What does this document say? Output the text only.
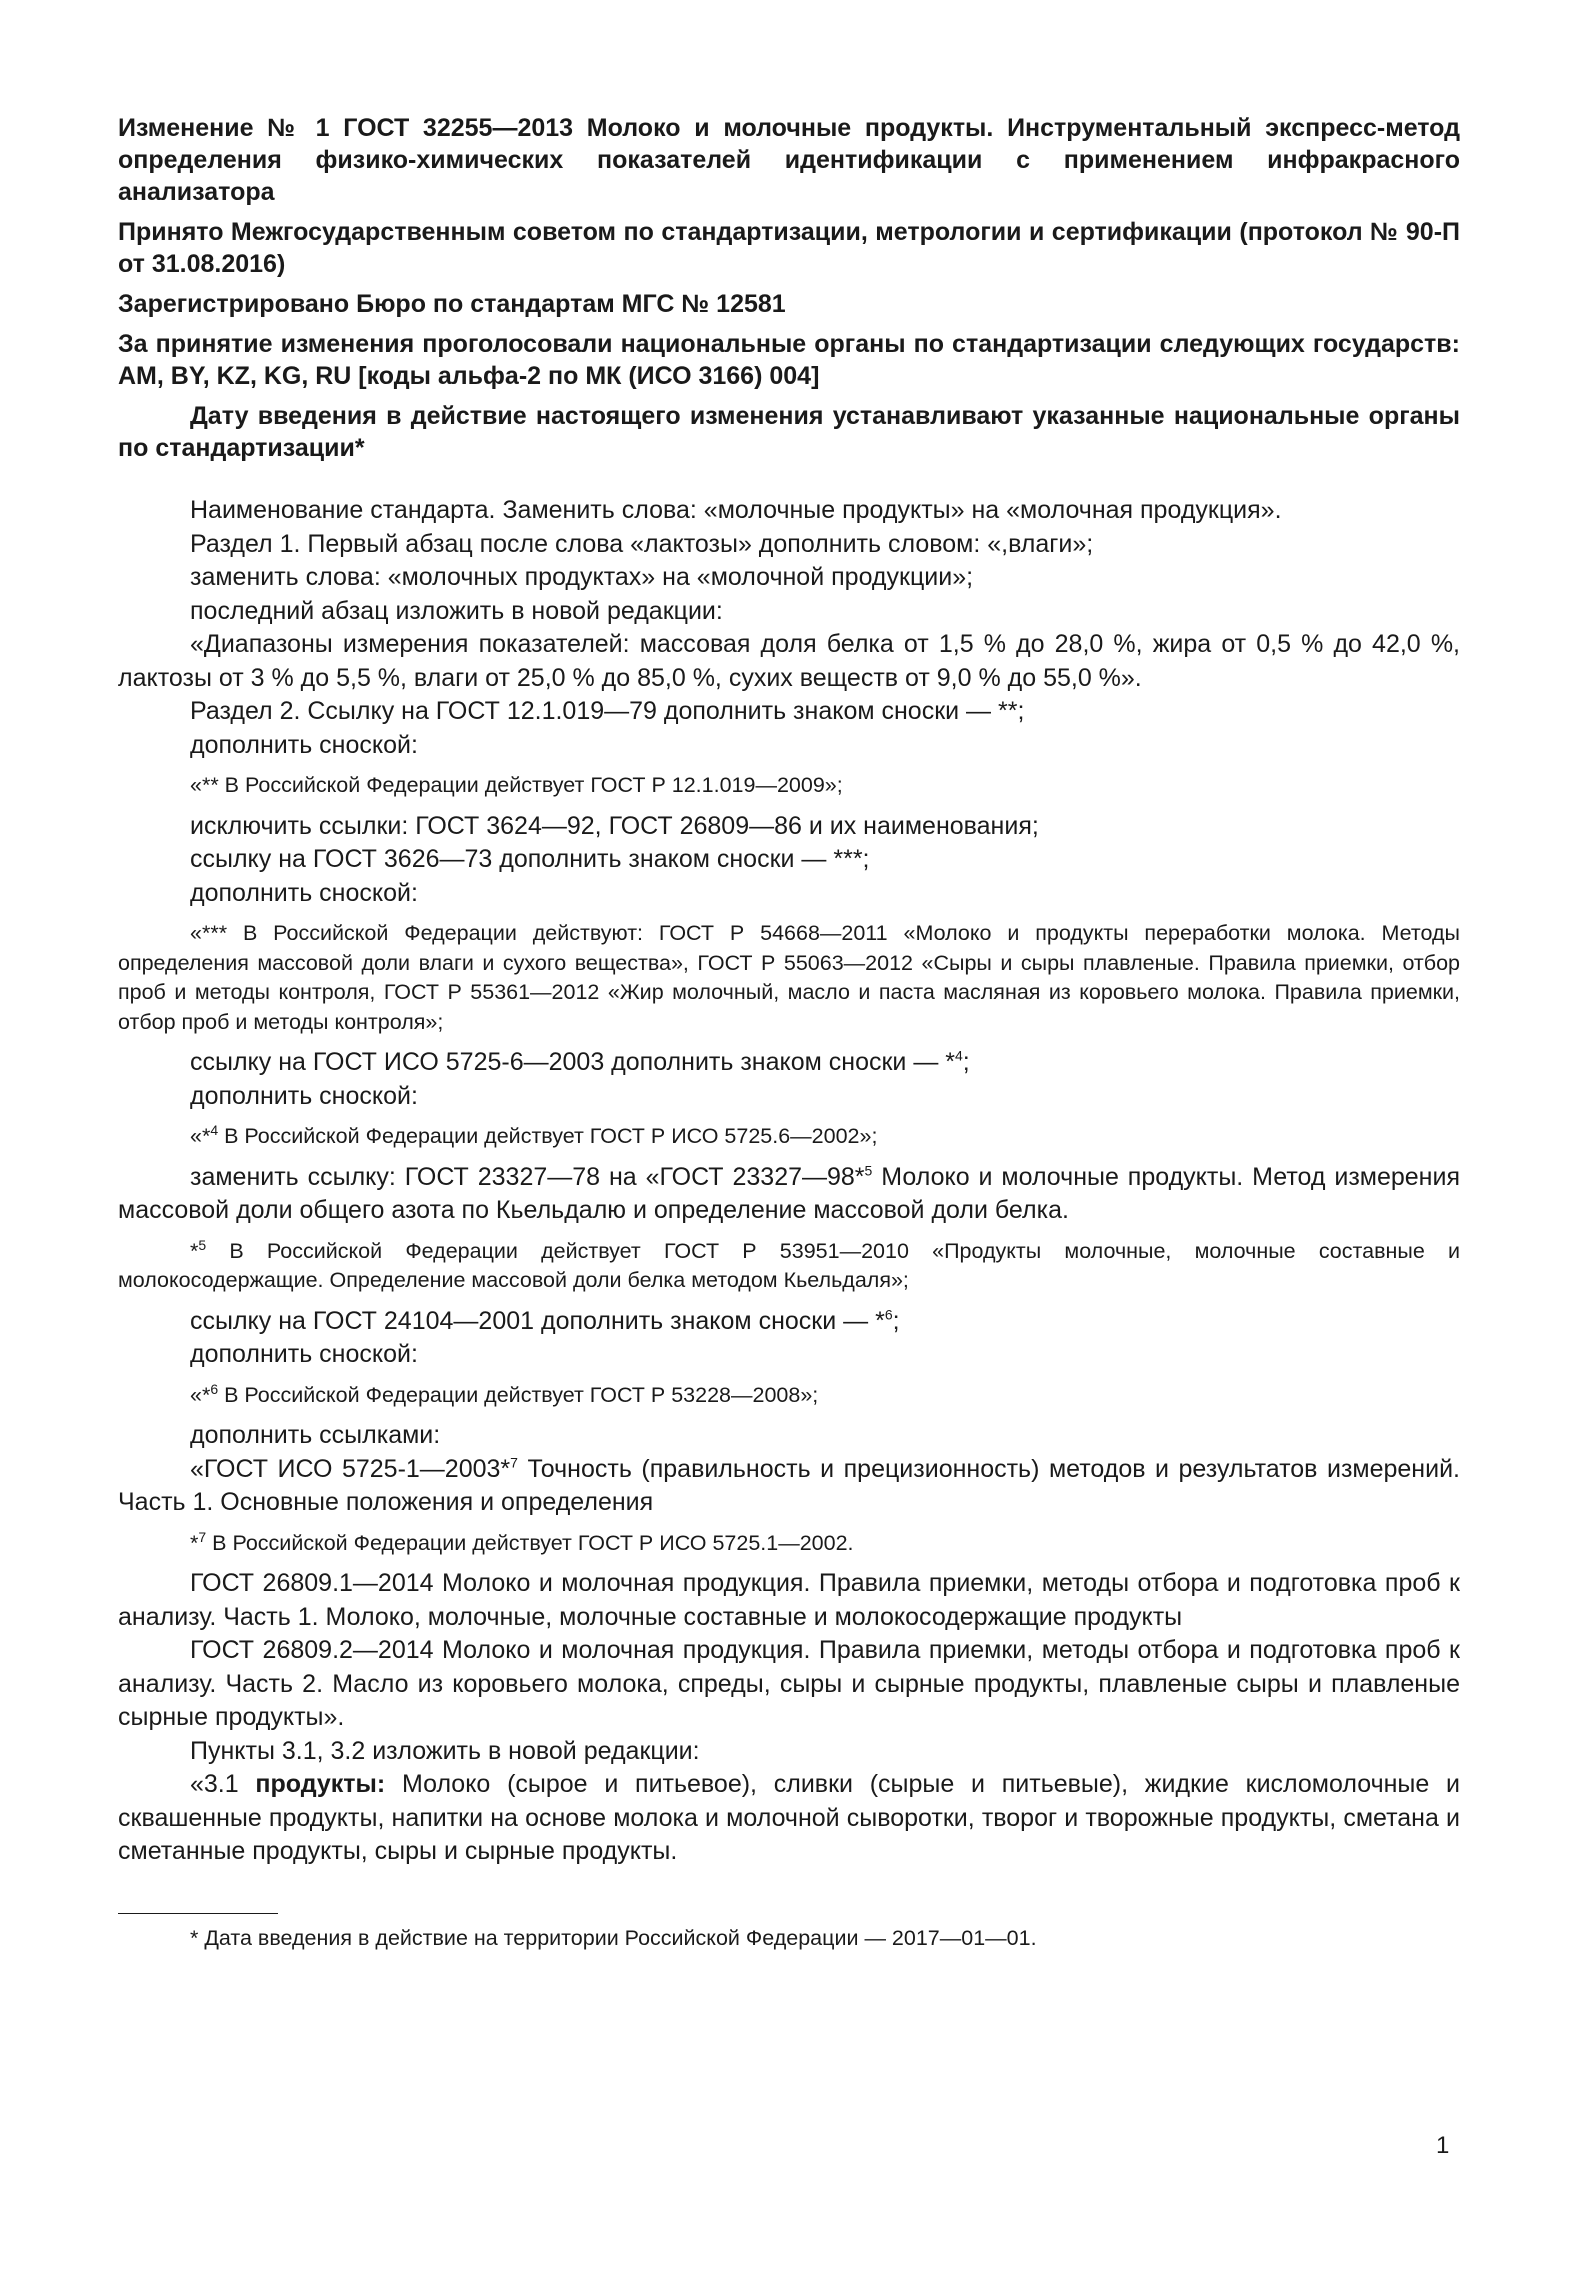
Изменение № 1 ГОСТ 32255—2013 Молоко и молочные продукты. Инструментальный экспресс-метод определения физико-химических показателей идентификации с применением инфракрасного анализатора

Принято Межгосударственным советом по стандартизации, метрологии и сертификации (протокол № 90-П от 31.08.2016)

Зарегистрировано Бюро по стандартам МГС № 12581

За принятие изменения проголосовали национальные органы по стандартизации следующих государств: AM, BY, KZ, KG, RU [коды альфа-2 по МК (ИСО 3166) 004]

Дату введения в действие настоящего изменения устанавливают указанные национальные органы по стандартизации*

Наименование стандарта. Заменить слова: «молочные продукты» на «молочная продукция».

Раздел 1. Первый абзац после слова «лактозы» дополнить словом: «,влаги»;

заменить слова: «молочных продуктах» на «молочной продукции»;

последний абзац изложить в новой редакции:

«Диапазоны измерения показателей: массовая доля белка от 1,5 % до 28,0 %, жира от 0,5 % до 42,0 %, лактозы от 3 % до 5,5 %, влаги от 25,0 % до 85,0 %, сухих веществ от 9,0 % до 55,0 %».

Раздел 2. Ссылку на ГОСТ 12.1.019—79 дополнить знаком сноски — **;

дополнить сноской:

«** В Российской Федерации действует ГОСТ Р 12.1.019—2009»;

исключить ссылки: ГОСТ 3624—92, ГОСТ 26809—86 и их наименования;

ссылку на ГОСТ 3626—73 дополнить знаком сноски — ***;

дополнить сноской:

«*** В Российской Федерации действуют: ГОСТ Р 54668—2011 «Молоко и продукты переработки молока. Методы определения массовой доли влаги и сухого вещества», ГОСТ Р 55063—2012 «Сыры и сыры плавленые. Правила приемки, отбор проб и методы контроля, ГОСТ Р 55361—2012 «Жир молочный, масло и паста масляная из коровьего молока. Правила приемки, отбор проб и методы контроля»;

ссылку на ГОСТ ИСО 5725-6—2003 дополнить знаком сноски — *$^4$;

дополнить сноской:

«*$^4$ В Российской Федерации действует ГОСТ Р ИСО 5725.6—2002»;

заменить ссылку: ГОСТ 23327—78 на «ГОСТ 23327—98*$^5$ Молоко и молочные продукты. Метод измерения массовой доли общего азота по Кьельдалю и определение массовой доли белка.

*$^5$ В Российской Федерации действует ГОСТ Р 53951—2010 «Продукты молочные, молочные составные и молокосодержащие. Определение массовой доли белка методом Кьельдаля»;

ссылку на ГОСТ 24104—2001 дополнить знаком сноски — *$^6$;

дополнить сноской:

«*$^6$ В Российской Федерации действует ГОСТ Р 53228—2008»;

дополнить ссылками:

«ГОСТ ИСО 5725-1—2003*$^7$ Точность (правильность и прецизионность) методов и результатов измерений. Часть 1. Основные положения и определения

*$^7$ В Российской Федерации действует ГОСТ Р ИСО 5725.1—2002.

ГОСТ 26809.1—2014 Молоко и молочная продукция. Правила приемки, методы отбора и подготовка проб к анализу. Часть 1. Молоко, молочные, молочные составные и молокосодержащие продукты

ГОСТ 26809.2—2014 Молоко и молочная продукция. Правила приемки, методы отбора и подготовка проб к анализу. Часть 2. Масло из коровьего молока, спреды, сыры и сырные продукты, плавленые сыры и плавленые сырные продукты».

Пункты 3.1, 3.2 изложить в новой редакции:

«3.1 продукты: Молоко (сырое и питьевое), сливки (сырые и питьевые), жидкие кисломолочные и сквашенные продукты, напитки на основе молока и молочной сыворотки, творог и творожные продукты, сметана и сметанные продукты, сыры и сырные продукты.

* Дата введения в действие на территории Российской Федерации — 2017—01—01.

1
